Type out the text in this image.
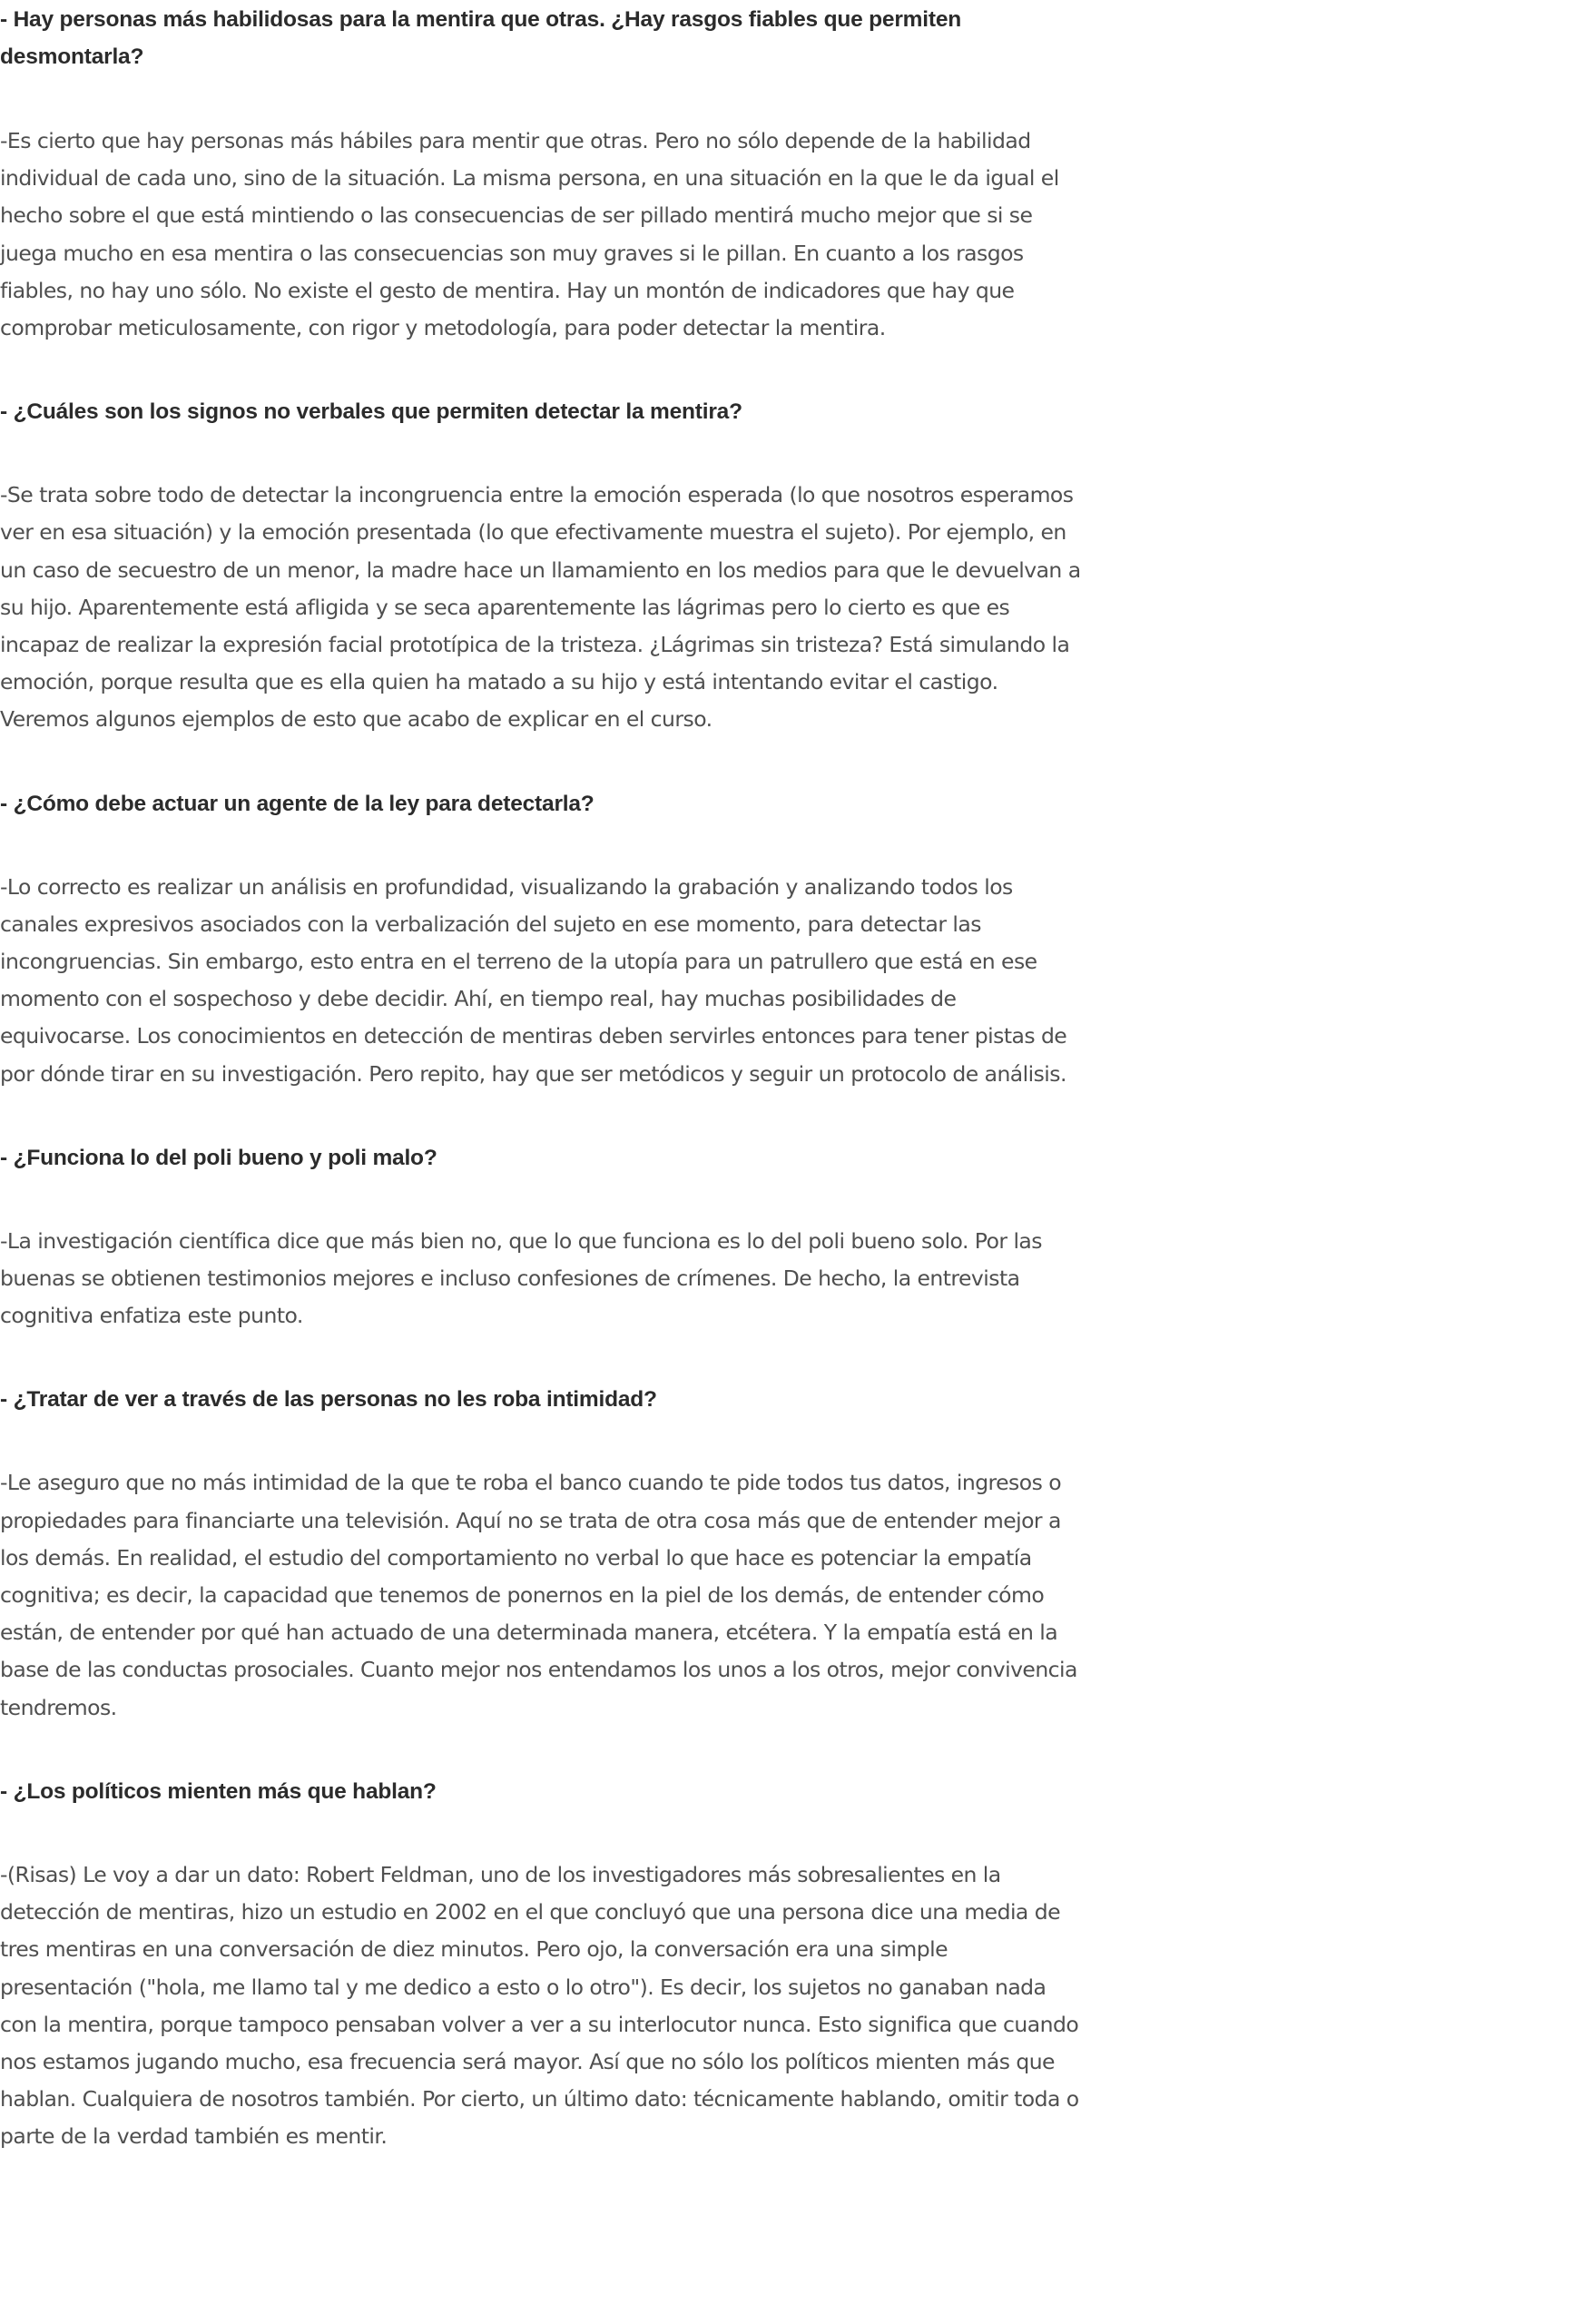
- Hay personas más habilidosas para la mentira que otras. ¿Hay rasgos fiables que permiten desmontarla?

-Es cierto que hay personas más hábiles para mentir que otras. Pero no sólo depende de la habilidad individual de cada uno, sino de la situación. La misma persona, en una situación en la que le da igual el hecho sobre el que está mintiendo o las consecuencias de ser pillado mentirá mucho mejor que si se juega mucho en esa mentira o las consecuencias son muy graves si le pillan. En cuanto a los rasgos fiables, no hay uno sólo. No existe el gesto de mentira. Hay un montón de indicadores que hay que comprobar meticulosamente, con rigor y metodología, para poder detectar la mentira.

- ¿Cuáles son los signos no verbales que permiten detectar la mentira?

-Se trata sobre todo de detectar la incongruencia entre la emoción esperada (lo que nosotros esperamos ver en esa situación) y la emoción presentada (lo que efectivamente muestra el sujeto). Por ejemplo, en un caso de secuestro de un menor, la madre hace un llamamiento en los medios para que le devuelvan a su hijo. Aparentemente está afligida y se seca aparentemente las lágrimas pero lo cierto es que es incapaz de realizar la expresión facial prototípica de la tristeza. ¿Lágrimas sin tristeza? Está simulando la emoción, porque resulta que es ella quien ha matado a su hijo y está intentando evitar el castigo. Veremos algunos ejemplos de esto que acabo de explicar en el curso.

- ¿Cómo debe actuar un agente de la ley para detectarla?

-Lo correcto es realizar un análisis en profundidad, visualizando la grabación y analizando todos los canales expresivos asociados con la verbalización del sujeto en ese momento, para detectar las incongruencias. Sin embargo, esto entra en el terreno de la utopía para un patrullero que está en ese momento con el sospechoso y debe decidir. Ahí, en tiempo real, hay muchas posibilidades de equivocarse. Los conocimientos en detección de mentiras deben servirles entonces para tener pistas de por dónde tirar en su investigación. Pero repito, hay que ser metódicos y seguir un protocolo de análisis.

- ¿Funciona lo del poli bueno y poli malo?

-La investigación científica dice que más bien no, que lo que funciona es lo del poli bueno solo. Por las buenas se obtienen testimonios mejores e incluso confesiones de crímenes. De hecho, la entrevista cognitiva enfatiza este punto.

- ¿Tratar de ver a través de las personas no les roba intimidad?

-Le aseguro que no más intimidad de la que te roba el banco cuando te pide todos tus datos, ingresos o propiedades para financiarte una televisión. Aquí no se trata de otra cosa más que de entender mejor a los demás. En realidad, el estudio del comportamiento no verbal lo que hace es potenciar la empatía cognitiva; es decir, la capacidad que tenemos de ponernos en la piel de los demás, de entender cómo están, de entender por qué han actuado de una determinada manera, etcétera. Y la empatía está en la base de las conductas prosociales. Cuanto mejor nos entendamos los unos a los otros, mejor convivencia tendremos.

- ¿Los políticos mienten más que hablan?

-(Risas) Le voy a dar un dato: Robert Feldman, uno de los investigadores más sobresalientes en la detección de mentiras, hizo un estudio en 2002 en el que concluyó que una persona dice una media de tres mentiras en una conversación de diez minutos. Pero ojo, la conversación era una simple presentación ("hola, me llamo tal y me dedico a esto o lo otro"). Es decir, los sujetos no ganaban nada con la mentira, porque tampoco pensaban volver a ver a su interlocutor nunca. Esto significa que cuando nos estamos jugando mucho, esa frecuencia será mayor. Así que no sólo los políticos mienten más que hablan. Cualquiera de nosotros también. Por cierto, un último dato: técnicamente hablando, omitir toda o parte de la verdad también es mentir.
